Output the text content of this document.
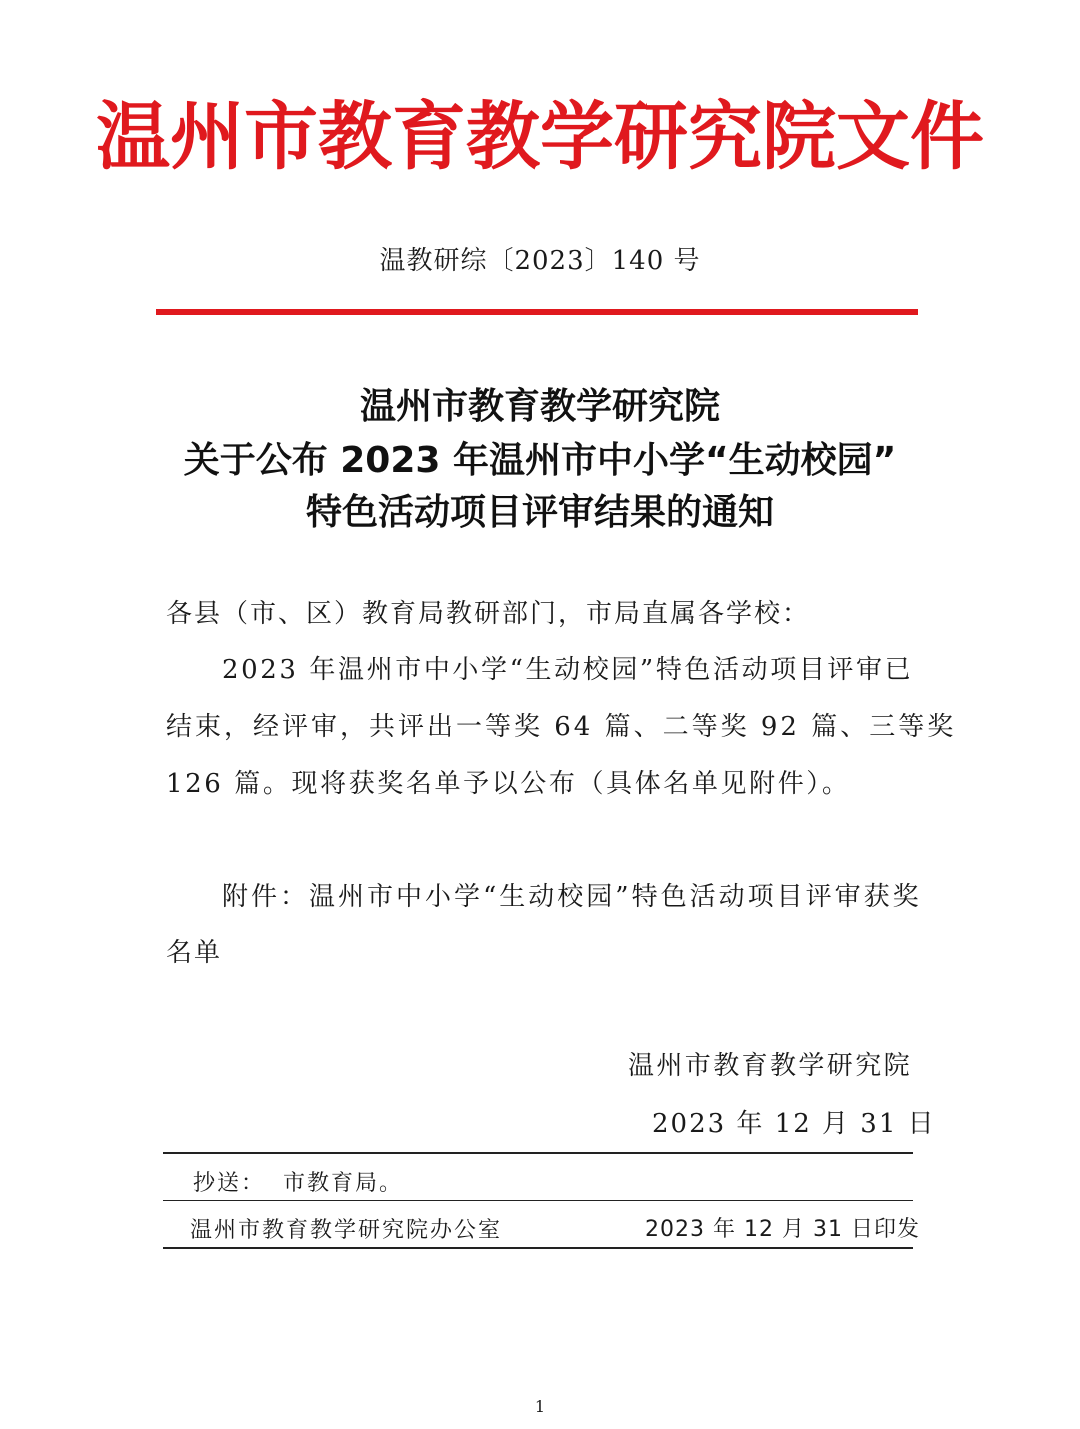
温州市教育教学研究院文件
温教研综〔2023〕140 号
温州市教育教学研究院
关于公布 2023 年温州市中小学“生动校园”
特色活动项目评审结果的通知
各县（市、区）教育局教研部门，市局直属各学校：
2023 年温州市中小学“生动校园”特色活动项目评审已
结束，经评审，共评出一等奖 64 篇、二等奖 92 篇、三等奖
126 篇。现将获奖名单予以公布（具体名单见附件）。
附件：温州市中小学“生动校园”特色活动项目评审获奖
名单
温州市教育教学研究院
2023 年 12 月 31 日
抄送： 市教育局。
温州市教育教学研究院办公室	2023 年 12 月 31 日印发
1
